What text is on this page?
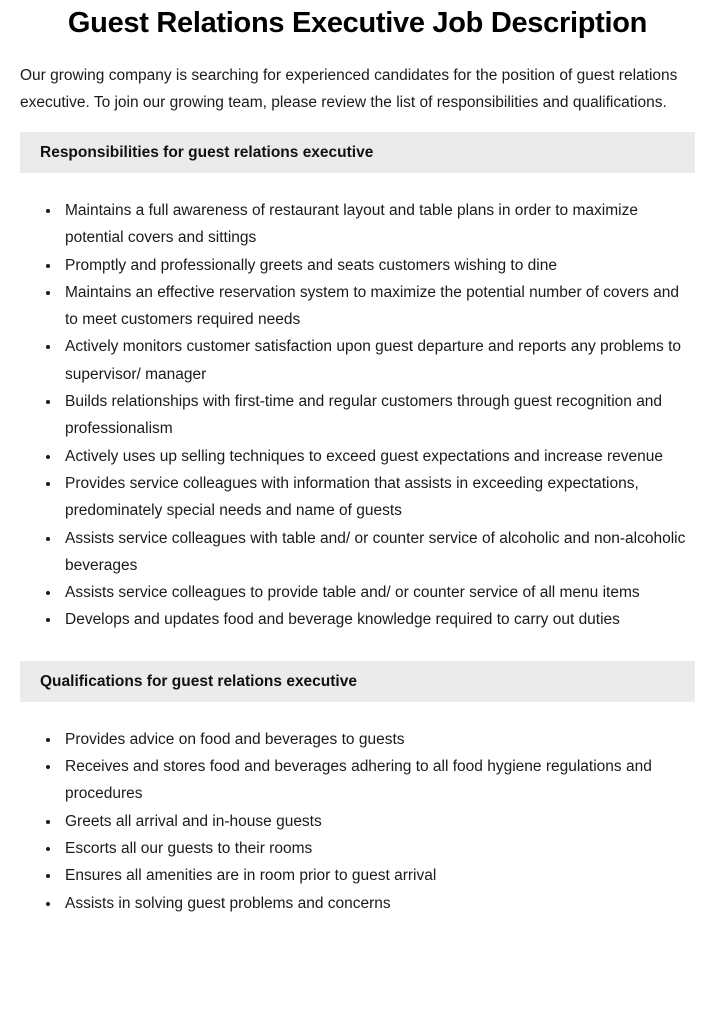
Guest Relations Executive Job Description

Our growing company is searching for experienced candidates for the position of guest relations executive. To join our growing team, please review the list of responsibilities and qualifications.

Responsibilities for guest relations executive
• Maintains a full awareness of restaurant layout and table plans in order to maximize potential covers and sittings
• Promptly and professionally greets and seats customers wishing to dine
• Maintains an effective reservation system to maximize the potential number of covers and to meet customers required needs
• Actively monitors customer satisfaction upon guest departure and reports any problems to supervisor/ manager
• Builds relationships with first-time and regular customers through guest recognition and professionalism
• Actively uses up selling techniques to exceed guest expectations and increase revenue
• Provides service colleagues with information that assists in exceeding expectations, predominately special needs and name of guests
• Assists service colleagues with table and/ or counter service of alcoholic and non-alcoholic beverages
• Assists service colleagues to provide table and/ or counter service of all menu items
• Develops and updates food and beverage knowledge required to carry out duties
Qualifications for guest relations executive
• Provides advice on food and beverages to guests
• Receives and stores food and beverages adhering to all food hygiene regulations and procedures
• Greets all arrival and in-house guests
• Escorts all our guests to their rooms
• Ensures all amenities are in room prior to guest arrival
• Assists in solving guest problems and concerns
